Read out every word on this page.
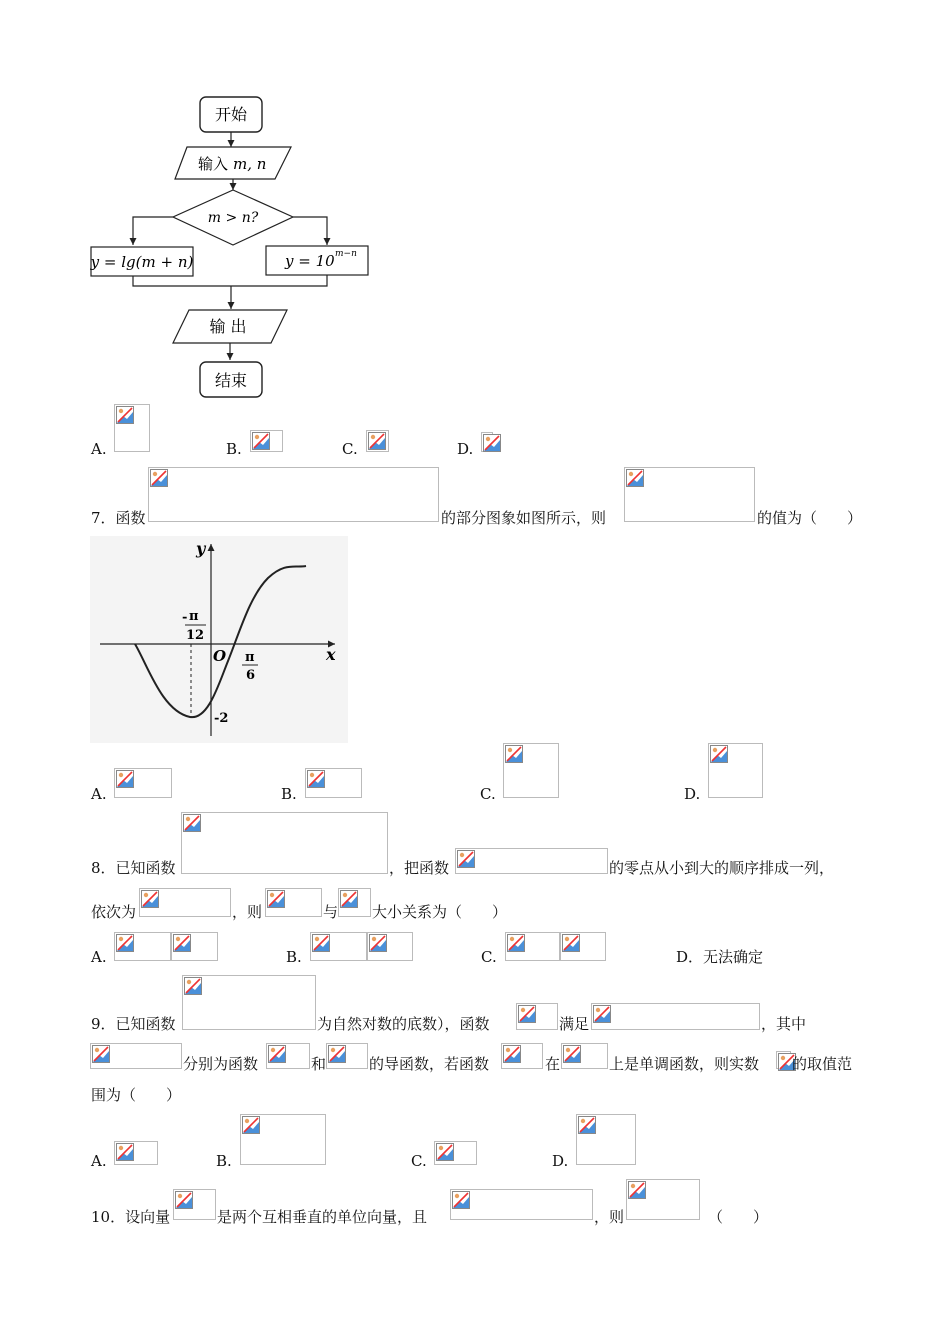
开始
输入 m, n
m > n?
y = lg(m + n)	y = 10 m−n
输 出
结束
A.	B.	C.	D.
7．函数	的部分图象如图所示，则	的值为（　　）
y
x
O
- π
12
π
6
-2
A.	B.	C.	D.
8．已知函数	，把函数	的零点从小到大的顺序排成一列，
依次为	，则	与 大小关系为（　　）
A.	B.	C.	D．无法确定
9．已知函数	为自然对数的底数），函数	满足	，其中
分别为函数	和	的导函数，若函数	在	上是单调函数，则实数 的取值范
围为（　　）
A.	B.	C.	D.
10．设向量	是两个互相垂直的单位向量，且	，则	（　　）
